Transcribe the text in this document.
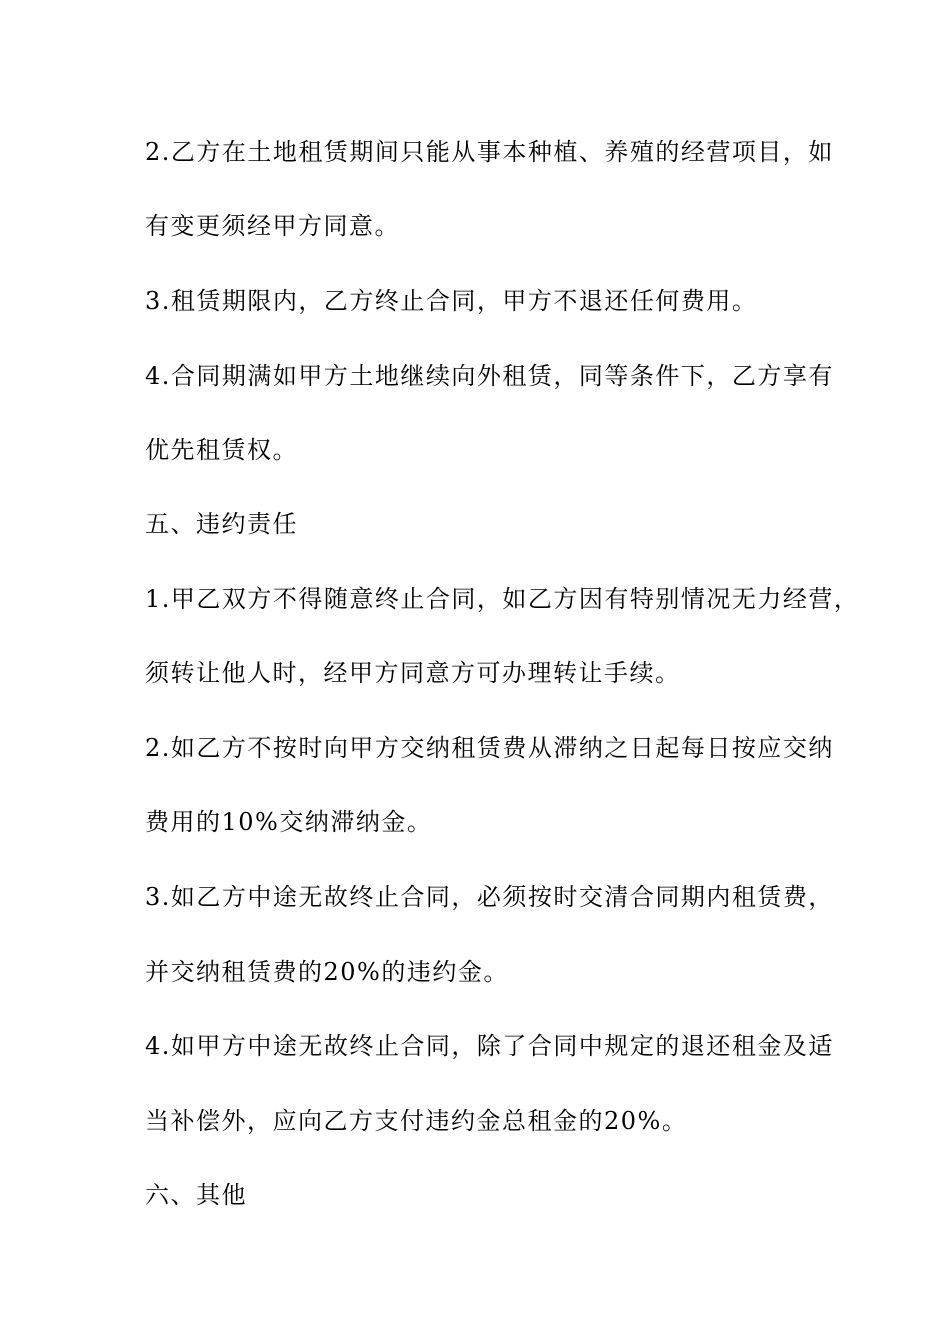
2.乙方在土地租赁期间只能从事本种植、养殖的经营项目，如

有变更须经甲方同意。

3.租赁期限内，乙方终止合同，甲方不退还任何费用。

4.合同期满如甲方土地继续向外租赁，同等条件下，乙方享有

优先租赁权。

五、违约责任

1.甲乙双方不得随意终止合同，如乙方因有特别情况无力经营，

须转让他人时，经甲方同意方可办理转让手续。

2.如乙方不按时向甲方交纳租赁费从滞纳之日起每日按应交纳

费用的10%交纳滞纳金。

3.如乙方中途无故终止合同，必须按时交清合同期内租赁费，

并交纳租赁费的20%的违约金。

4.如甲方中途无故终止合同，除了合同中规定的退还租金及适

当补偿外，应向乙方支付违约金总租金的20%。

六、其他
